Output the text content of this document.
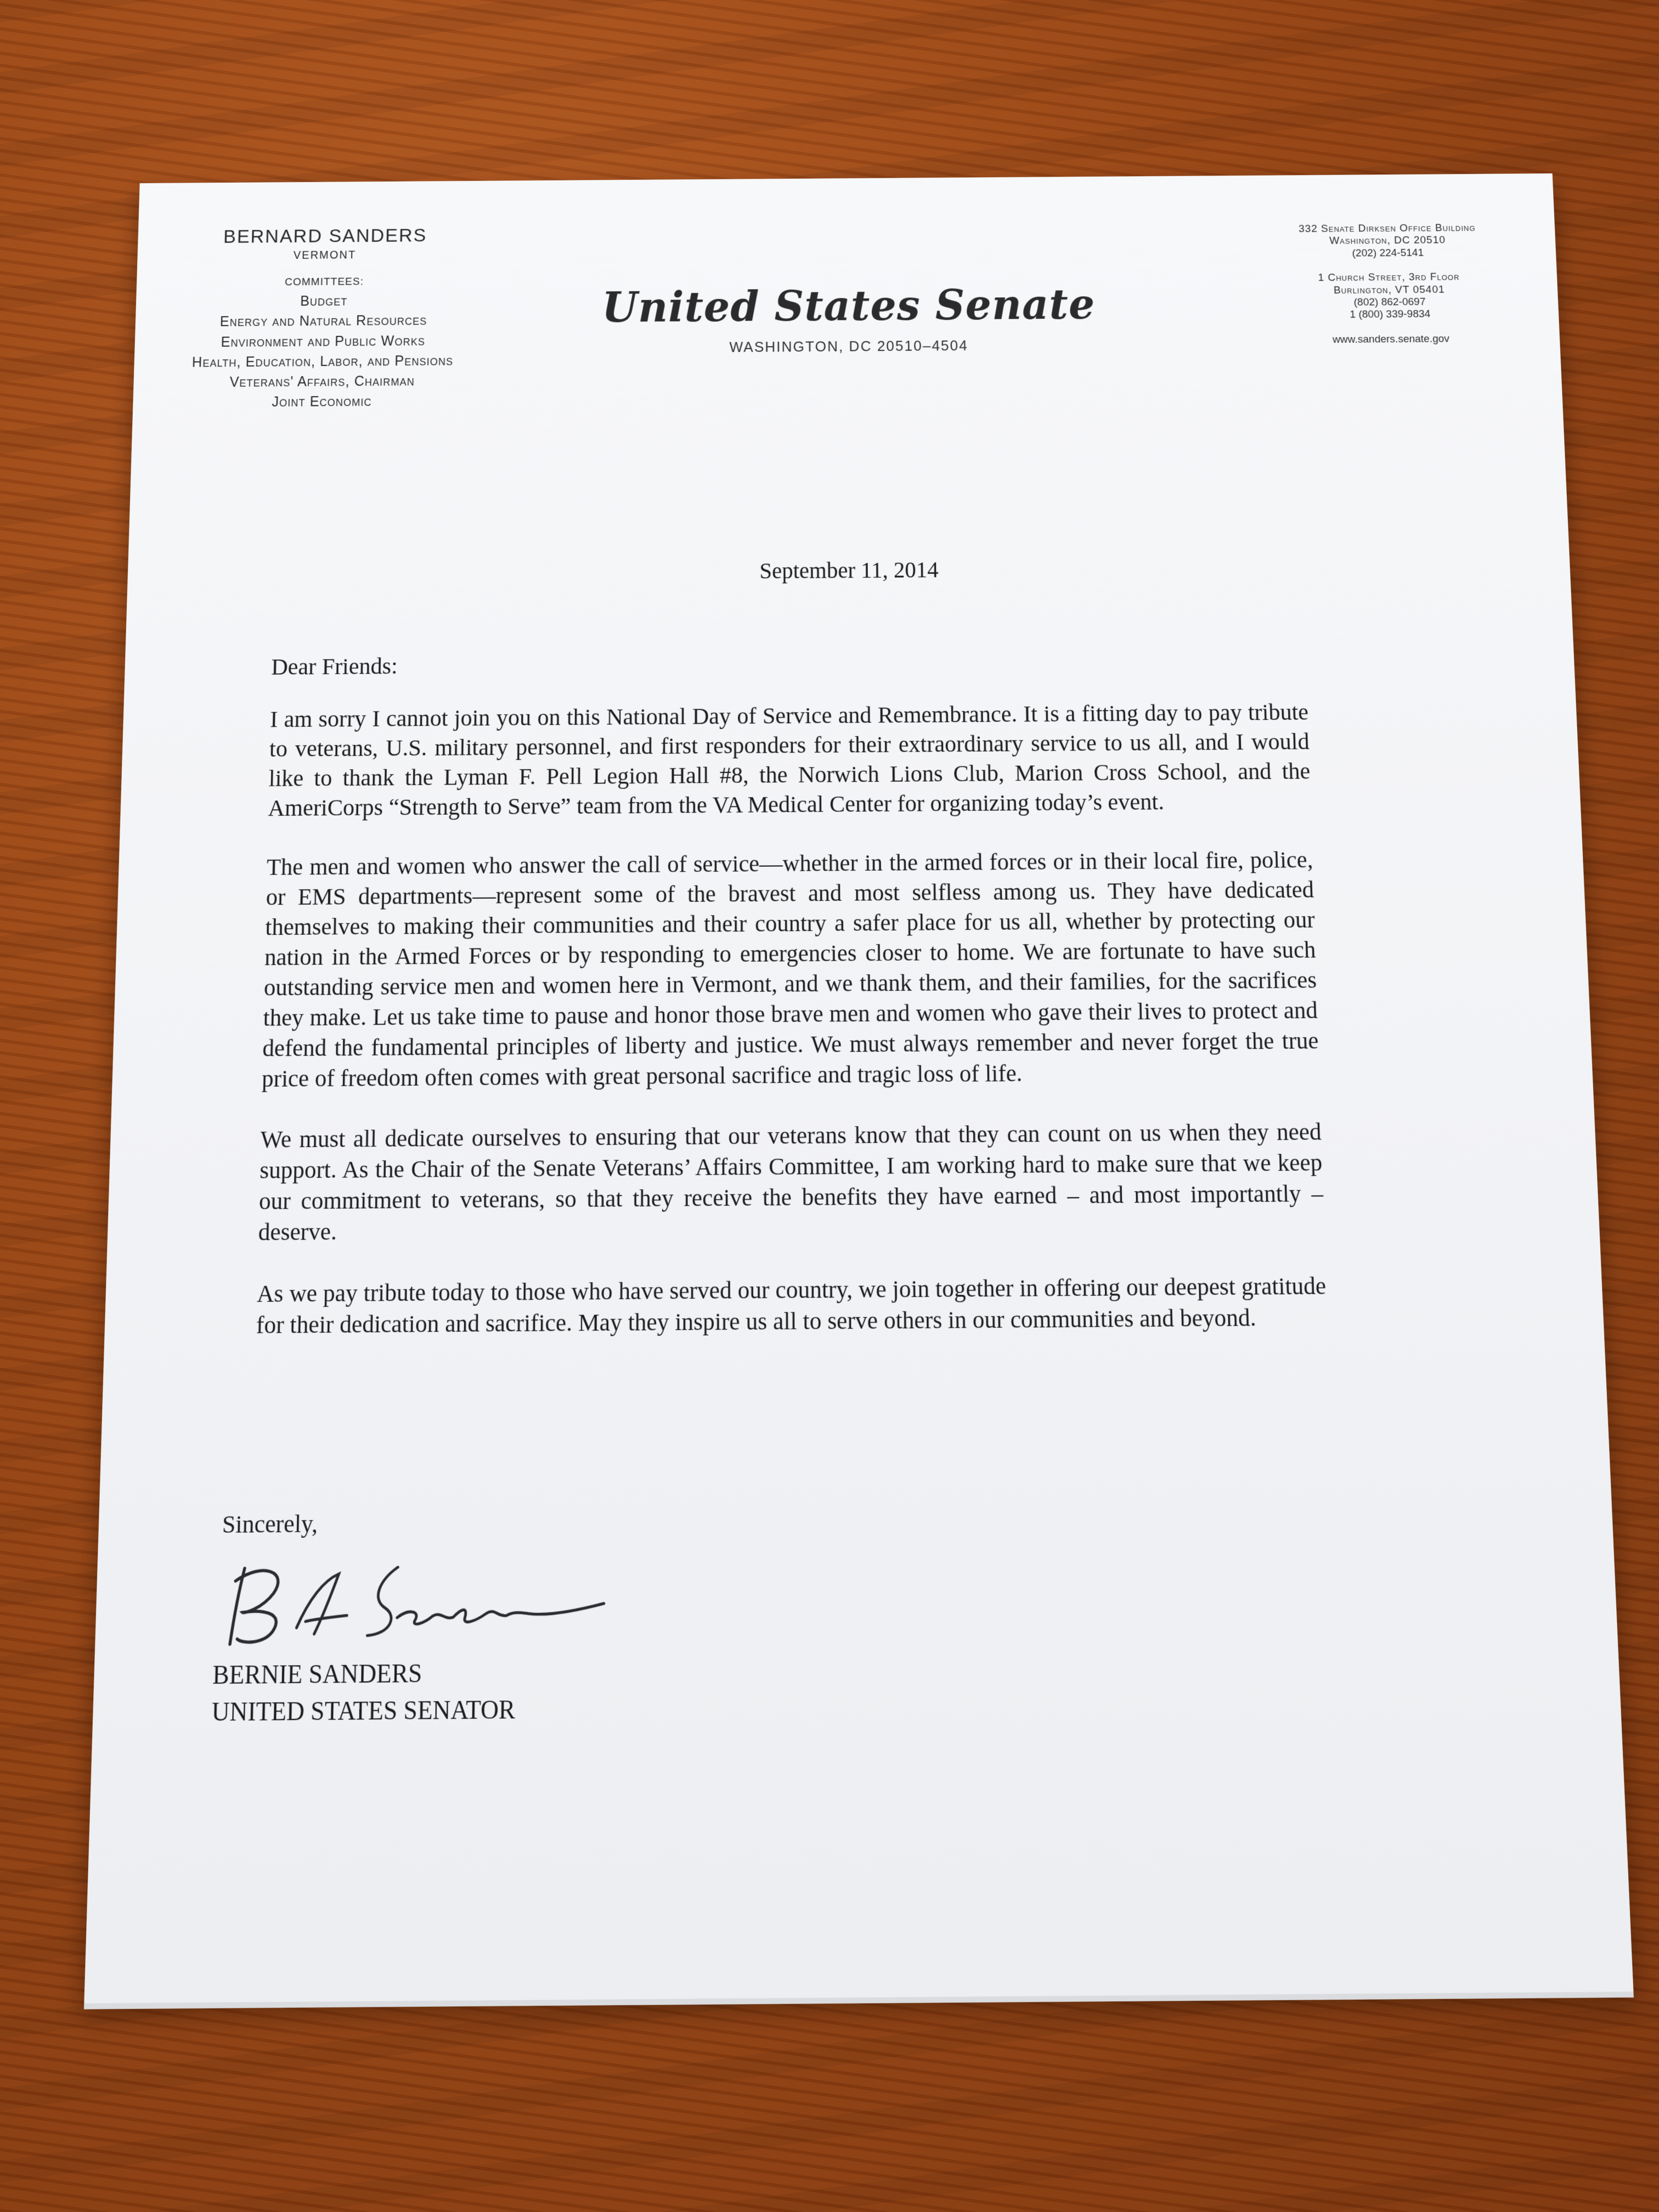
BERNARD SANDERS
VERMONT
COMMITTEES:
Budget
Energy and Natural Resources
Environment and Public Works
Health, Education, Labor, and Pensions
Veterans' Affairs, Chairman
Joint Economic
United States Senate
WASHINGTON, DC 20510–4504
332 Senate Dirksen Office Building
Washington, DC 20510
(202) 224-5141
1 Church Street, 3rd Floor
Burlington, VT 05401
(802) 862-0697
1 (800) 339-9834
www.sanders.senate.gov
September 11, 2014

Dear Friends:

I am sorry I cannot join you on this National Day of Service and Remembrance. It is a fitting day to pay tribute to veterans, U.S. military personnel, and first responders for their extraordinary service to us all, and I would like to thank the Lyman F. Pell Legion Hall #8, the Norwich Lions Club, Marion Cross School, and the AmeriCorps “Strength to Serve” team from the VA Medical Center for organizing today’s event.

The men and women who answer the call of service—whether in the armed forces or in their local fire, police, or EMS departments—represent some of the bravest and most selfless among us. They have dedicated themselves to making their communities and their country a safer place for us all, whether by protecting our nation in the Armed Forces or by responding to emergencies closer to home. We are fortunate to have such outstanding service men and women here in Vermont, and we thank them, and their families, for the sacrifices they make. Let us take time to pause and honor those brave men and women who gave their lives to protect and defend the fundamental principles of liberty and justice. We must always remember and never forget the true price of freedom often comes with great personal sacrifice and tragic loss of life.

We must all dedicate ourselves to ensuring that our veterans know that they can count on us when they need support. As the Chair of the Senate Veterans’ Affairs Committee, I am working hard to make sure that we keep our commitment to veterans, so that they receive the benefits they have earned – and most importantly – deserve.

As we pay tribute today to those who have served our country, we join together in offering our deepest gratitude for their dedication and sacrifice. May they inspire us all to serve others in our communities and beyond.

Sincerely,
BERNIE SANDERS
UNITED STATES SENATOR
